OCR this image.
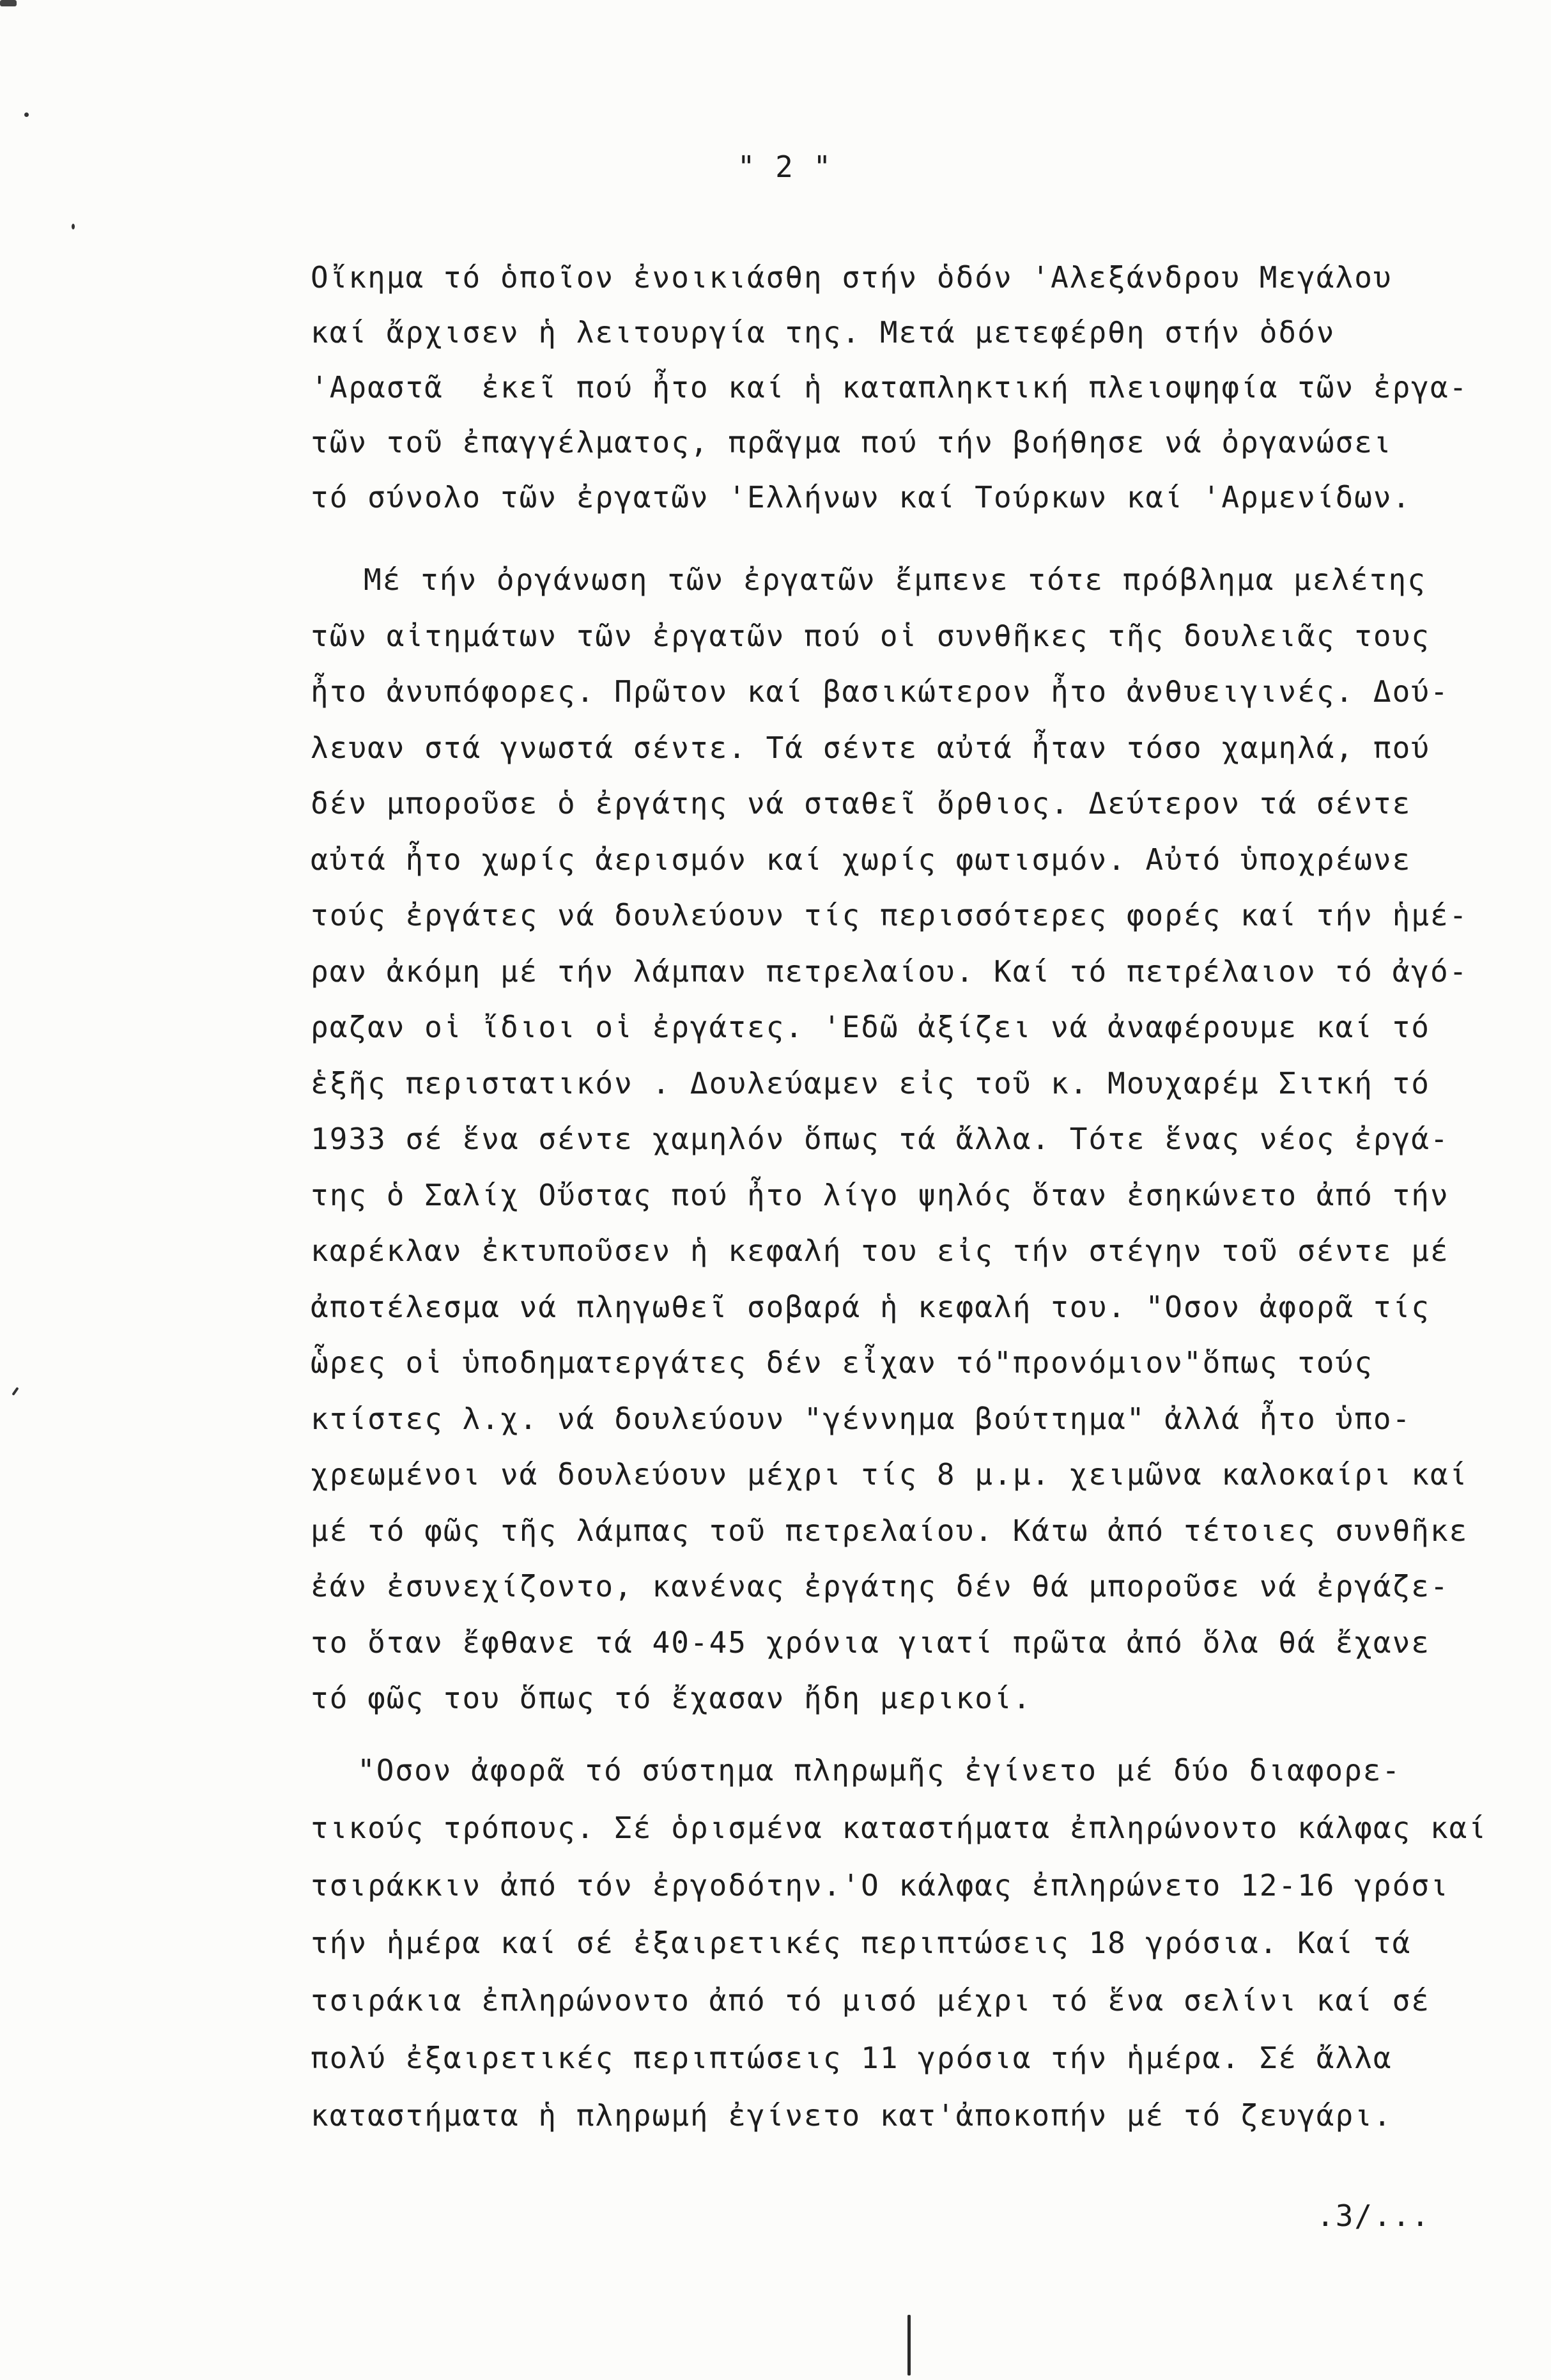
" 2 "
Οἴκημα τό ὁποῖον ἐνοικιάσθη στήν ὁδόν 'Αλεξάνδρου Μεγάλου
καί ἄρχισεν ἡ λειτουργία της. Μετά μετεφέρθη στήν ὁδόν
'Αραστᾶ  ἐκεῖ πού ἦτο καί ἡ καταπληκτική πλειοψηφία τῶν ἐργα-
τῶν τοῦ ἐπαγγέλματος, πρᾶγμα πού τήν βοήθησε νά ὀργανώσει
τό σύνολο τῶν ἐργατῶν 'Ελλήνων καί Τούρκων καί 'Αρμενίδων.
Μέ τήν ὀργάνωση τῶν ἐργατῶν ἔμπενε τότε πρόβλημα μελέτης
τῶν αἰτημάτων τῶν ἐργατῶν πού οἱ συνθῆκες τῆς δουλειᾶς τους
ἦτο ἀνυπόφορες. Πρῶτον καί βασικώτερον ἦτο ἀνθυειγινές. Δού-
λευαν στά γνωστά σέντε. Τά σέντε αὐτά ἦταν τόσο χαμηλά, πού
δέν μποροῦσε ὁ ἐργάτης νά σταθεῖ ὄρθιος. Δεύτερον τά σέντε
αὐτά ἦτο χωρίς ἀερισμόν καί χωρίς φωτισμόν. Αὐτό ὑποχρέωνε
τούς ἐργάτες νά δουλεύουν τίς περισσότερες φορές καί τήν ἡμέ-
ραν ἀκόμη μέ τήν λάμπαν πετρελαίου. Καί τό πετρέλαιον τό ἀγό-
ραζαν οἱ ἴδιοι οἱ ἐργάτες. 'Εδῶ ἀξίζει νά ἀναφέρουμε καί τό
ἑξῆς περιστατικόν . Δουλεύαμεν εἰς τοῦ κ. Μουχαρέμ Σιτκή τό
1933 σέ ἕνα σέντε χαμηλόν ὅπως τά ἄλλα. Τότε ἕνας νέος ἐργά-
της ὁ Σαλίχ Οὔστας πού ἦτο λίγο ψηλός ὅταν ἐσηκώνετο ἀπό τήν
καρέκλαν ἐκτυποῦσεν ἡ κεφαλή του εἰς τήν στέγην τοῦ σέντε μέ
ἀποτέλεσμα νά πληγωθεῖ σοβαρά ἡ κεφαλή του. "Οσον ἀφορᾶ τίς
ὧρες οἱ ὑποδηματεργάτες δέν εἶχαν τό"προνόμιον"ὅπως τούς
κτίστες λ.χ. νά δουλεύουν "γέννημα βούττημα" ἀλλά ἦτο ὑπο-
χρεωμένοι νά δουλεύουν μέχρι τίς 8 μ.μ. χειμῶνα καλοκαίρι καί
μέ τό φῶς τῆς λάμπας τοῦ πετρελαίου. Κάτω ἀπό τέτοιες συνθῆκε
ἐάν ἐσυνεχίζοντο, κανένας ἐργάτης δέν θά μποροῦσε νά ἐργάζε-
το ὅταν ἔφθανε τά 40-45 χρόνια γιατί πρῶτα ἀπό ὅλα θά ἔχανε
τό φῶς του ὅπως τό ἔχασαν ἤδη μερικοί.
"Οσον ἀφορᾶ τό σύστημα πληρωμῆς ἐγίνετο μέ δύο διαφορε-
τικούς τρόπους. Σέ ὁρισμένα καταστήματα ἐπληρώνοντο κάλφας καί
τσιράκκιν ἀπό τόν ἐργοδότην.'Ο κάλφας ἐπληρώνετο 12-16 γρόσι
τήν ἡμέρα καί σέ ἐξαιρετικές περιπτώσεις 18 γρόσια. Καί τά
τσιράκια ἐπληρώνοντο ἀπό τό μισό μέχρι τό ἕνα σελίνι καί σέ
πολύ ἐξαιρετικές περιπτώσεις 11 γρόσια τήν ἡμέρα. Σέ ἄλλα
καταστήματα ἡ πληρωμή ἐγίνετο κατ'ἀποκοπήν μέ τό ζευγάρι.
.3/...
